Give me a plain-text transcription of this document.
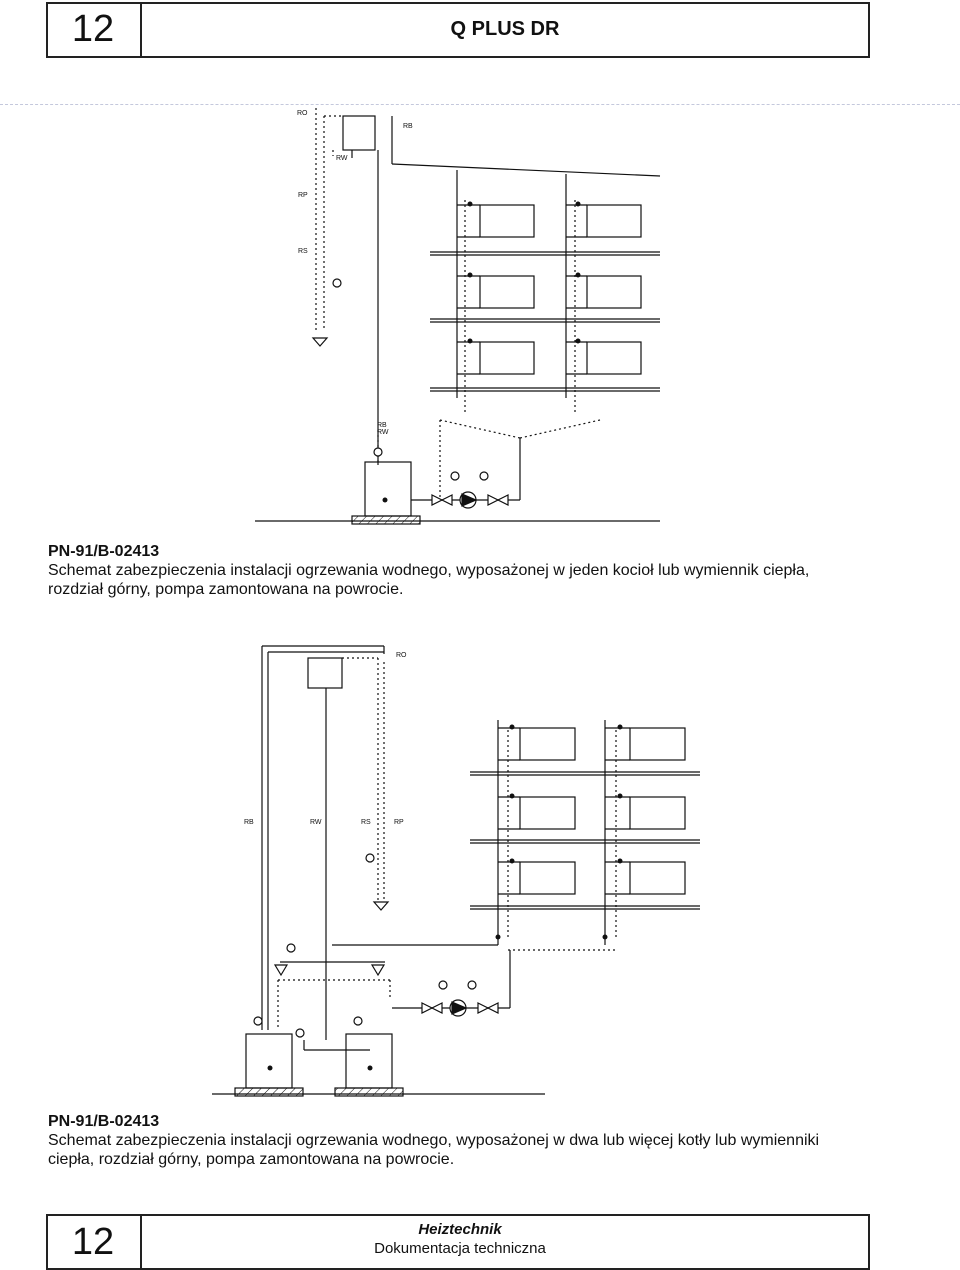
12	Q PLUS DR
RO
RB
RW
RP
RS
RB
RW
PN-91/B-02413
Schemat zabezpieczenia instalacji ogrzewania wodnego, wyposażonej w jeden kocioł lub wymiennik ciepła,
rozdział górny, pompa zamontowana na powrocie.
RO
RB	RW	RS	RP
PN-91/B-02413
Schemat zabezpieczenia instalacji ogrzewania wodnego, wyposażonej w dwa lub więcej kotły lub wymienniki
ciepła, rozdział górny, pompa zamontowana na powrocie.
12	Heiztechnik
Dokumentacja techniczna
